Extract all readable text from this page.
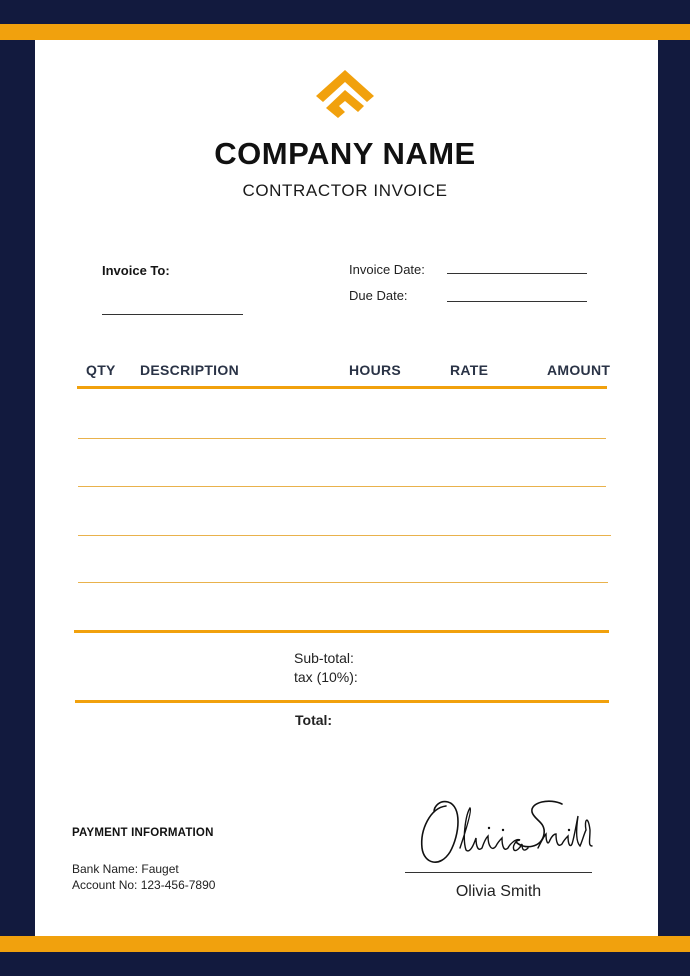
COMPANY NAME
CONTRACTOR INVOICE
Invoice To:	Invoice Date:
Due Date:
QTY DESCRIPTION	HOURS	RATE	AMOUNT
Sub-total:
tax (10%):
Total:
PAYMENT INFORMATION
Bank Name: Fauget
Account No: 123-456-7890	Olivia Smith
